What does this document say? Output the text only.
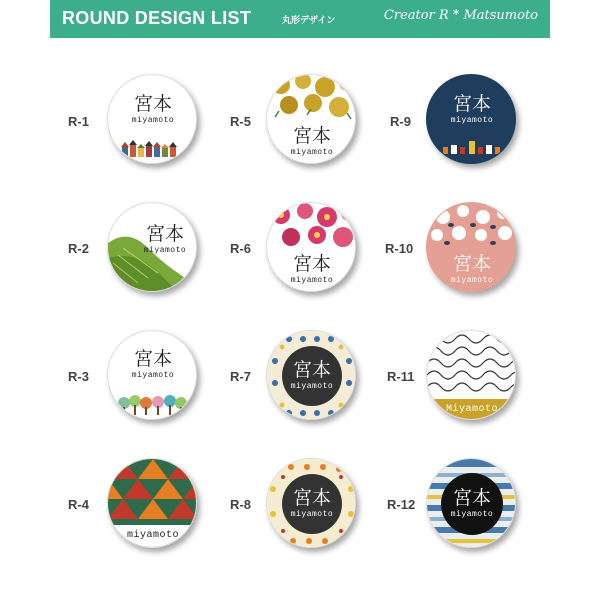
ROUND DESIGN LIST	丸形デザイン	Creator R * Matsumoto
R-1
R-2
R-3
R-4
R-5
R-6
R-7
R-8
R-9
R-10
R-11
R-12
宮本
miyamoto
宮本
miyamoto
宮本
miyamoto
miyamoto
宮本
miyamoto
宮本
miyamoto
宮本
miyamoto
宮本
miyamoto
宮本
miyamoto
宮本
miyamoto
Miyamoto
宮本
miyamoto
